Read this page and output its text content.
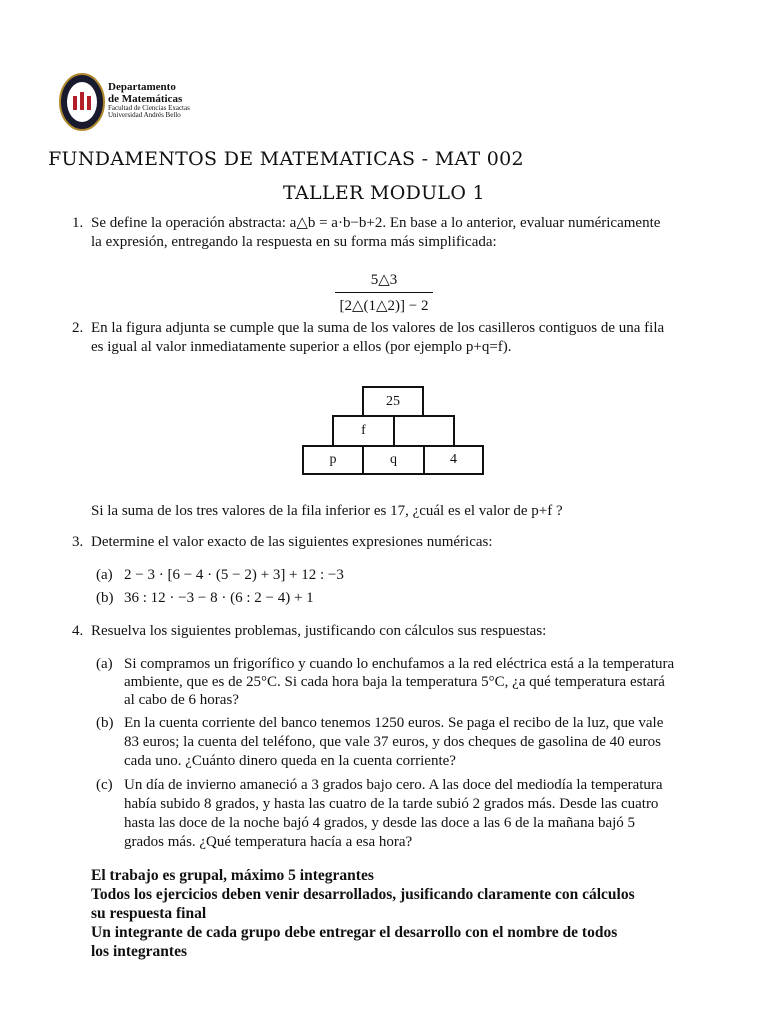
Departamento
de Matemáticas
Facultad de Ciencias Exactas
Universidad Andrés Bello
FUNDAMENTOS DE MATEMATICAS - MAT 002
TALLER MODULO 1
1. Se define la operación abstracta: a△b = a·b−b+2. En base a lo anterior, evaluar numéricamente
la expresión, entregando la respuesta en su forma más simplificada:
5△3
[2△(1△2)] − 2
2. En la figura adjunta se cumple que la suma de los valores de los casilleros contiguos de una fila
es igual al valor inmediatamente superior a ellos (por ejemplo p+q=f).
25
f
p	q	4
Si la suma de los tres valores de la fila inferior es 17, ¿cuál es el valor de p+f ?
3. Determine el valor exacto de las siguientes expresiones numéricas:
(a) 2 − 3 · [6 − 4 · (5 − 2) + 3] + 12 : −3
(b) 36 : 12 · −3 − 8 · (6 : 2 − 4) + 1
4. Resuelva los siguientes problemas, justificando con cálculos sus respuestas:
(a) Si compramos un frigorífico y cuando lo enchufamos a la red eléctrica está a la temperatura
ambiente, que es de 25°C. Si cada hora baja la temperatura 5°C, ¿a qué temperatura estará
al cabo de 6 horas?
(b) En la cuenta corriente del banco tenemos 1250 euros. Se paga el recibo de la luz, que vale
83 euros; la cuenta del teléfono, que vale 37 euros, y dos cheques de gasolina de 40 euros
cada uno. ¿Cuánto dinero queda en la cuenta corriente?
(c) Un día de invierno amaneció a 3 grados bajo cero. A las doce del mediodía la temperatura
había subido 8 grados, y hasta las cuatro de la tarde subió 2 grados más. Desde las cuatro
hasta las doce de la noche bajó 4 grados, y desde las doce a las 6 de la mañana bajó 5
grados más. ¿Qué temperatura hacía a esa hora?
El trabajo es grupal, máximo 5 integrantes
Todos los ejercicios deben venir desarrollados, jusificando claramente con cálculos
su respuesta final
Un integrante de cada grupo debe entregar el desarrollo con el nombre de todos
los integrantes
